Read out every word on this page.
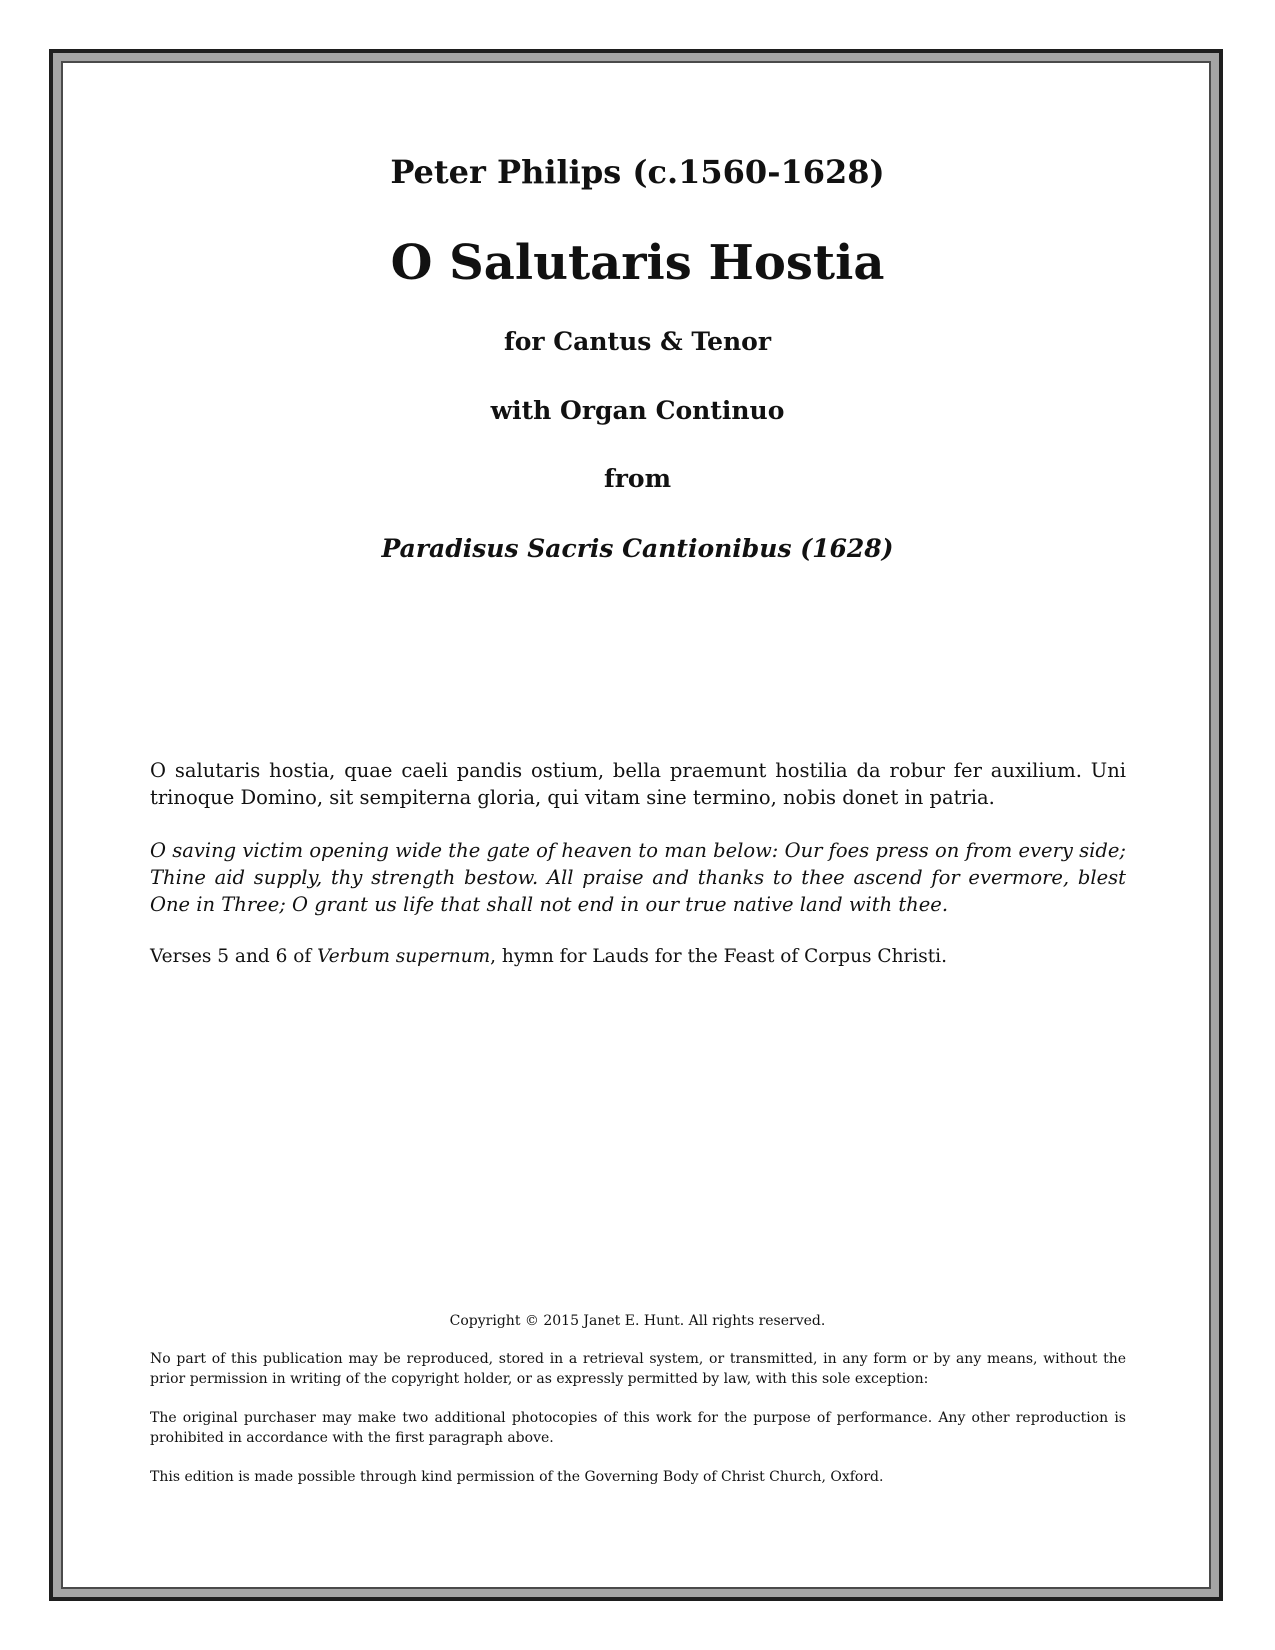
Peter Philips (c.1560-1628)
O Salutaris Hostia
for Cantus & Tenor
with Organ Continuo
from
Paradisus Sacris Cantionibus (1628)
O salutaris hostia, quae caeli pandis ostium, bella praemunt hostilia da robur fer auxilium. Uni trinoque Domino, sit sempiterna gloria, qui vitam sine termino, nobis donet in patria.
O saving victim opening wide the gate of heaven to man below: Our foes press on from every side; Thine aid supply, thy strength bestow. All praise and thanks to thee ascend for evermore, blest One in Three; O grant us life that shall not end in our true native land with thee.
Verses 5 and 6 of Verbum supernum, hymn for Lauds for the Feast of Corpus Christi.
Copyright © 2015 Janet E. Hunt. All rights reserved.
No part of this publication may be reproduced, stored in a retrieval system, or transmitted, in any form or by any means, without the prior permission in writing of the copyright holder, or as expressly permitted by law, with this sole exception:
The original purchaser may make two additional photocopies of this work for the purpose of performance. Any other reproduction is prohibited in accordance with the first paragraph above.
This edition is made possible through kind permission of the Governing Body of Christ Church, Oxford.
